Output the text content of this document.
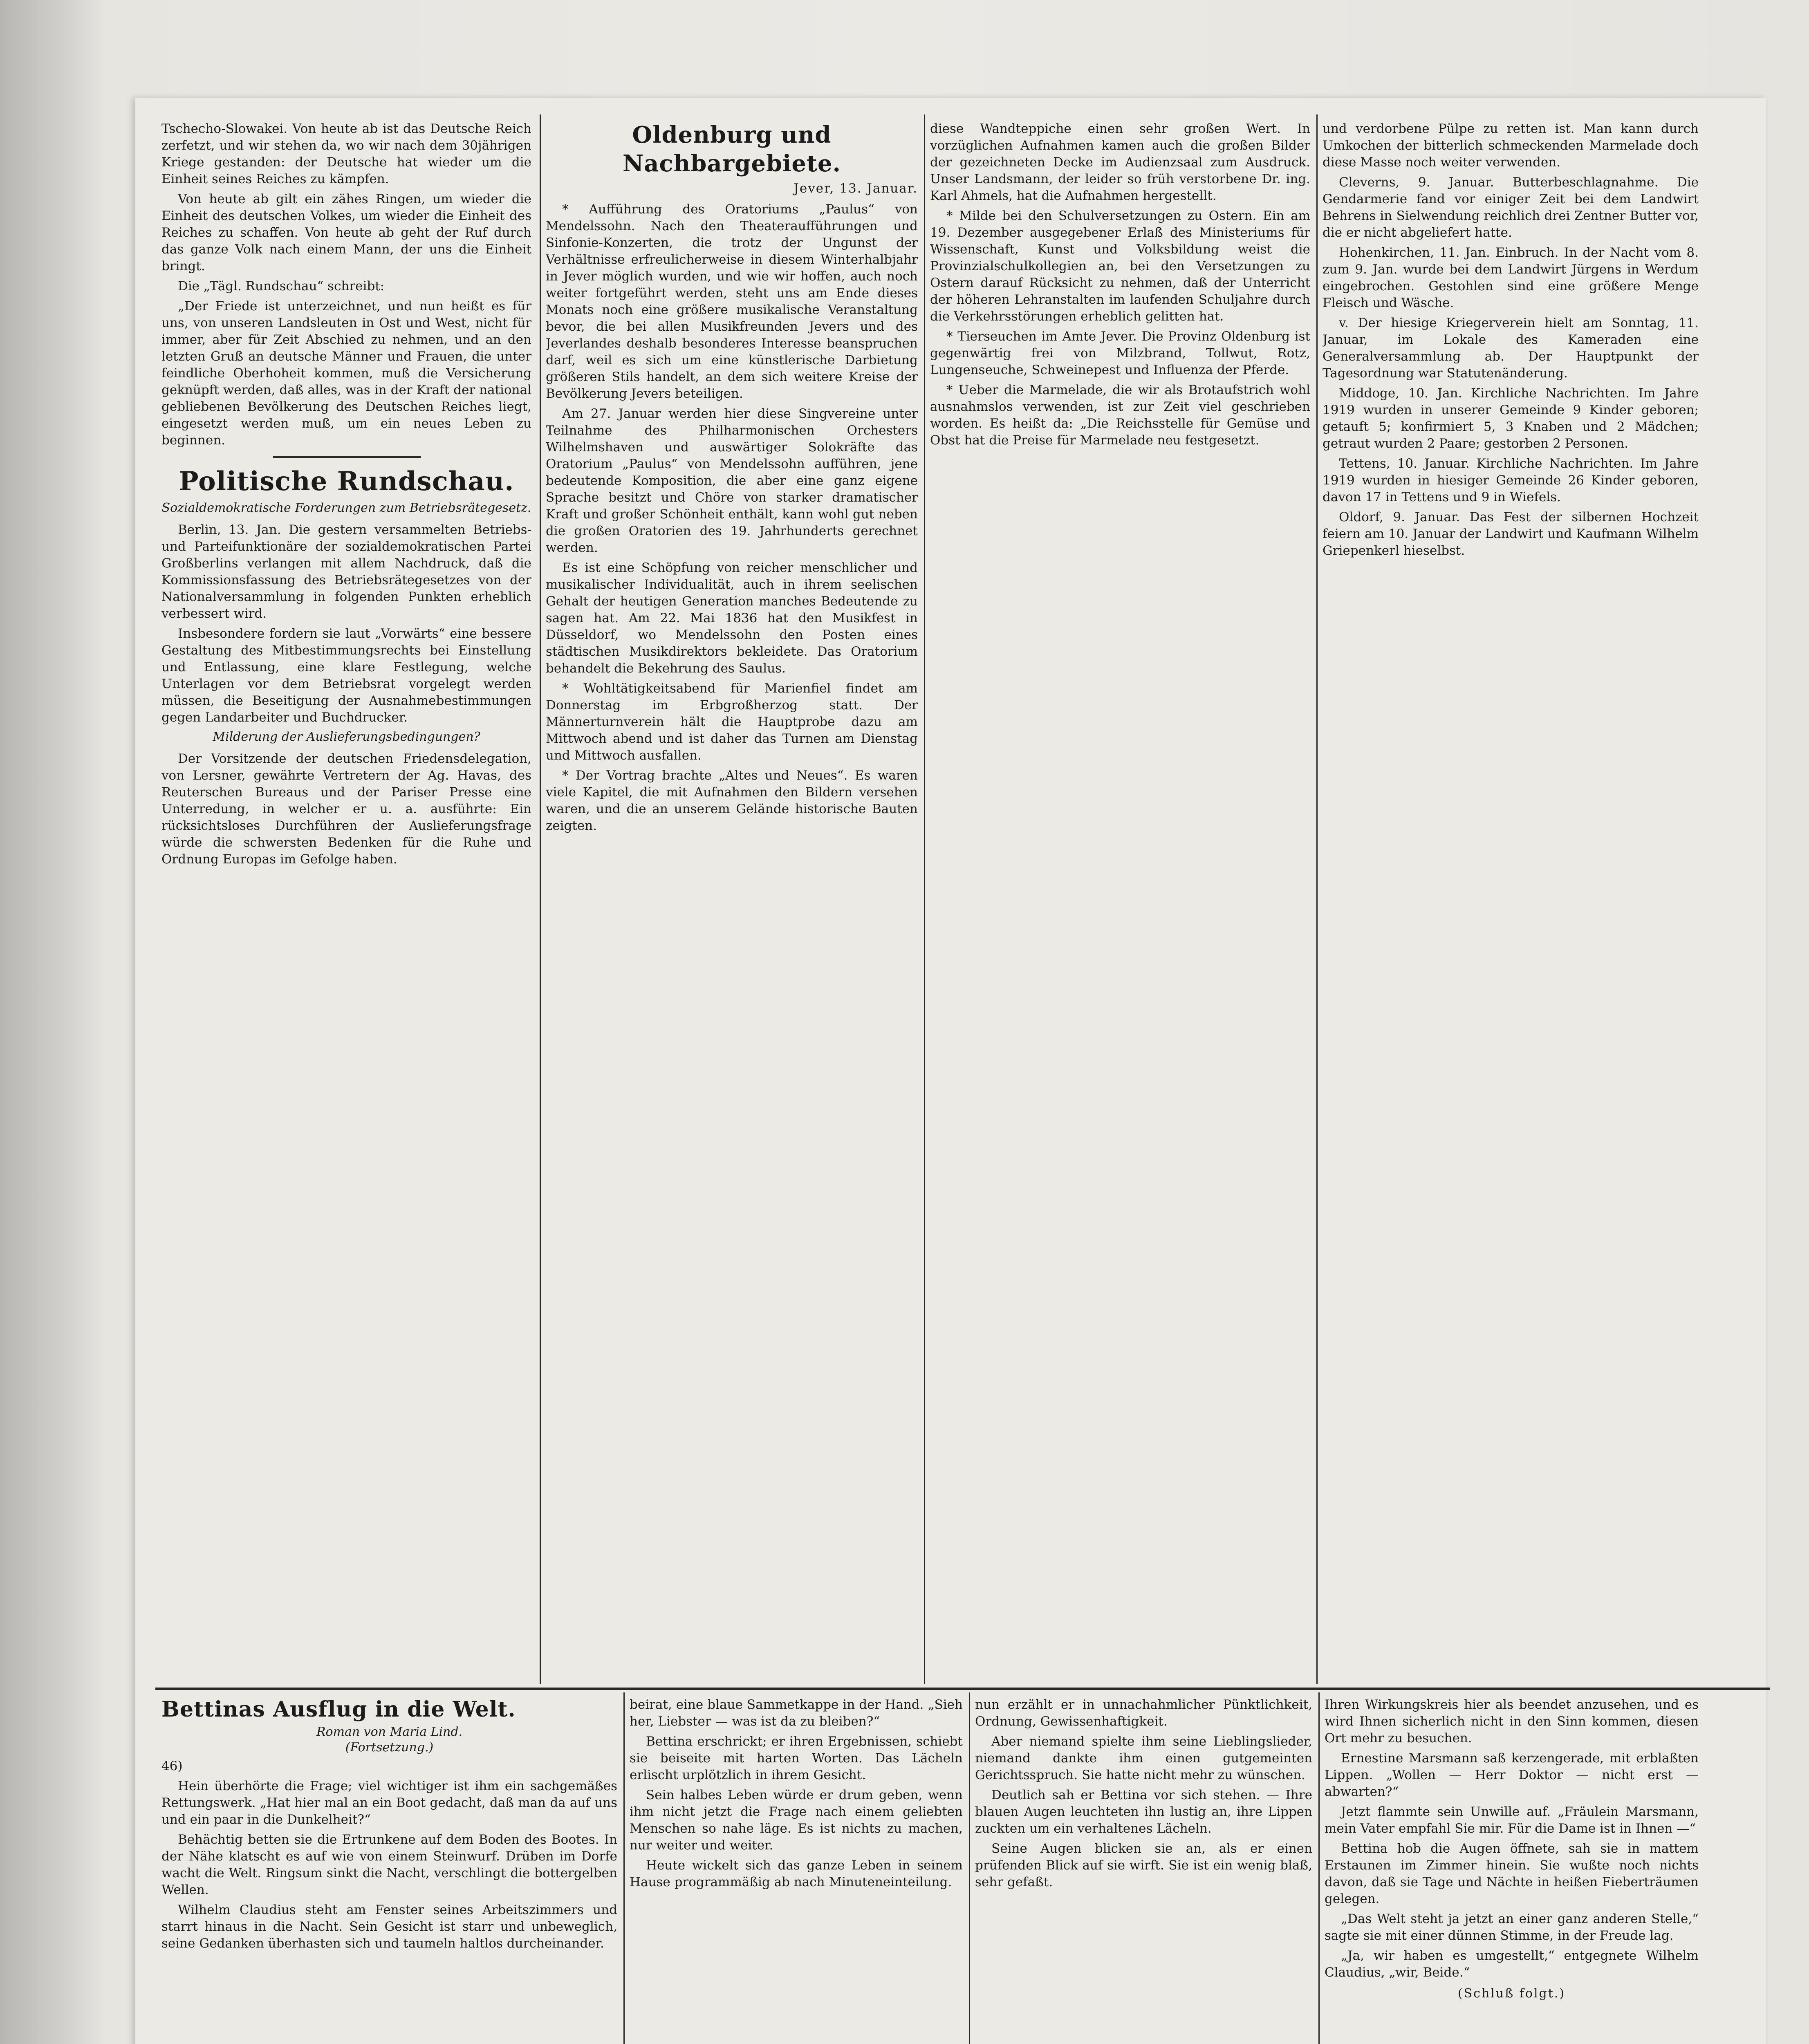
Tschecho-Slowakei. Von heute ab ist das Deutsche Reich zerfetzt, und wir stehen da, wo wir nach dem 30jährigen Kriege gestanden: der Deutsche hat wieder um die Einheit seines Reiches zu kämpfen.

Von heute ab gilt ein zähes Ringen, um wieder die Einheit des deutschen Volkes, um wieder die Einheit des Reiches zu schaffen. Von heute ab geht der Ruf durch das ganze Volk nach einem Mann, der uns die Einheit bringt.

Die „Tägl. Rundschau“ schreibt:

„Der Friede ist unterzeichnet, und nun heißt es für uns, von unseren Landsleuten in Ost und West, nicht für immer, aber für Zeit Abschied zu nehmen, und an den letzten Gruß an deutsche Männer und Frauen, die unter feindliche Oberhoheit kommen, muß die Versicherung geknüpft werden, daß alles, was in der Kraft der national gebliebenen Bevölkerung des Deutschen Reiches liegt, eingesetzt werden muß, um ein neues Leben zu beginnen.

Politische Rundschau.
Sozialdemokratische Forderungen zum Betriebsrätegesetz.

Berlin, 13. Jan. Die gestern versammelten Betriebs- und Parteifunktionäre der sozialdemokratischen Partei Großberlins verlangen mit allem Nachdruck, daß die Kommissionsfassung des Betriebsrätegesetzes von der Nationalversammlung in folgenden Punkten erheblich verbessert wird.

Insbesondere fordern sie laut „Vorwärts“ eine bessere Gestaltung des Mitbestimmungsrechts bei Einstellung und Entlassung, eine klare Festlegung, welche Unterlagen vor dem Betriebsrat vorgelegt werden müssen, die Beseitigung der Ausnahmebestimmungen gegen Landarbeiter und Buchdrucker.

Milderung der Auslieferungsbedingungen?

Der Vorsitzende der deutschen Friedensdelegation, von Lersner, gewährte Vertretern der Ag. Havas, des Reuterschen Bureaus und der Pariser Presse eine Unterredung, in welcher er u. a. ausführte: Ein rücksichtsloses Durchführen der Auslieferungsfrage würde die schwersten Bedenken für die Ruhe und Ordnung Europas im Gefolge haben.

Oldenburg und Nachbargebiete.
Jever, 13. Januar.

* Aufführung des Oratoriums „Paulus“ von Mendelssohn. Nach den Theateraufführungen und Sinfonie-Konzerten, die trotz der Ungunst der Verhältnisse erfreulicherweise in diesem Winterhalbjahr in Jever möglich wurden, und wie wir hoffen, auch noch weiter fortgeführt werden, steht uns am Ende dieses Monats noch eine größere musikalische Veranstaltung bevor, die bei allen Musikfreunden Jevers und des Jeverlandes deshalb besonderes Interesse beanspruchen darf, weil es sich um eine künstlerische Darbietung größeren Stils handelt, an dem sich weitere Kreise der Bevölkerung Jevers beteiligen.

Am 27. Januar werden hier diese Singvereine unter Teilnahme des Philharmonischen Orchesters Wilhelmshaven und auswärtiger Solokräfte das Oratorium „Paulus“ von Mendelssohn aufführen, jene bedeutende Komposition, die aber eine ganz eigene Sprache besitzt und Chöre von starker dramatischer Kraft und großer Schönheit enthält, kann wohl gut neben die großen Oratorien des 19. Jahrhunderts gerechnet werden.

Es ist eine Schöpfung von reicher menschlicher und musikalischer Individualität, auch in ihrem seelischen Gehalt der heutigen Generation manches Bedeutende zu sagen hat. Am 22. Mai 1836 hat den Musikfest in Düsseldorf, wo Mendelssohn den Posten eines städtischen Musikdirektors bekleidete. Das Oratorium behandelt die Bekehrung des Saulus.

* Wohltätigkeitsabend für Marienfiel findet am Donnerstag im Erbgroßherzog statt. Der Männerturnverein hält die Hauptprobe dazu am Mittwoch abend und ist daher das Turnen am Dienstag und Mittwoch ausfallen.

* Der Vortrag brachte „Altes und Neues“. Es waren viele Kapitel, die mit Aufnahmen den Bildern versehen waren, und die an unserem Gelände historische Bauten zeigten.

diese Wandteppiche einen sehr großen Wert. In vorzüglichen Aufnahmen kamen auch die großen Bilder der gezeichneten Decke im Audienzsaal zum Ausdruck. Unser Landsmann, der leider so früh verstorbene Dr. ing. Karl Ahmels, hat die Aufnahmen hergestellt.

* Milde bei den Schulversetzungen zu Ostern. Ein am 19. Dezember ausgegebener Erlaß des Ministeriums für Wissenschaft, Kunst und Volksbildung weist die Provinzialschulkollegien an, bei den Versetzungen zu Ostern darauf Rücksicht zu nehmen, daß der Unterricht der höheren Lehranstalten im laufenden Schuljahre durch die Verkehrsstörungen erheblich gelitten hat.

* Tierseuchen im Amte Jever. Die Provinz Oldenburg ist gegenwärtig frei von Milzbrand, Tollwut, Rotz, Lungenseuche, Schweinepest und Influenza der Pferde.

* Ueber die Marmelade, die wir als Brotaufstrich wohl ausnahmslos verwenden, ist zur Zeit viel geschrieben worden. Es heißt da: „Die Reichsstelle für Gemüse und Obst hat die Preise für Marmelade neu festgesetzt.

und verdorbene Pülpe zu retten ist. Man kann durch Umkochen der bitterlich schmeckenden Marmelade doch diese Masse noch weiter verwenden.

Cleverns, 9. Januar. Butterbeschlagnahme. Die Gendarmerie fand vor einiger Zeit bei dem Landwirt Behrens in Sielwendung reichlich drei Zentner Butter vor, die er nicht abgeliefert hatte.

Hohenkirchen, 11. Jan. Einbruch. In der Nacht vom 8. zum 9. Jan. wurde bei dem Landwirt Jürgens in Werdum eingebrochen. Gestohlen sind eine größere Menge Fleisch und Wäsche.

v. Der hiesige Kriegerverein hielt am Sonntag, 11. Januar, im Lokale des Kameraden eine Generalversammlung ab. Der Hauptpunkt der Tagesordnung war Statutenänderung.

Middoge, 10. Jan. Kirchliche Nachrichten. Im Jahre 1919 wurden in unserer Gemeinde 9 Kinder geboren; getauft 5; konfirmiert 5, 3 Knaben und 2 Mädchen; getraut wurden 2 Paare; gestorben 2 Personen.

Tettens, 10. Januar. Kirchliche Nachrichten. Im Jahre 1919 wurden in hiesiger Gemeinde 26 Kinder geboren, davon 17 in Tettens und 9 in Wiefels.

Oldorf, 9. Januar. Das Fest der silbernen Hochzeit feiern am 10. Januar der Landwirt und Kaufmann Wilhelm Griepenkerl hieselbst.

Bettinas Ausflug in die Welt.
Roman von Maria Lind.
(Fortsetzung.)

46)

Hein überhörte die Frage; viel wichtiger ist ihm ein sachgemäßes Rettungswerk. „Hat hier mal an ein Boot gedacht, daß man da auf uns und ein paar in die Dunkelheit?“

Behächtig betten sie die Ertrunkene auf dem Boden des Bootes. In der Nähe klatscht es auf wie von einem Steinwurf. Drüben im Dorfe wacht die Welt. Ringsum sinkt die Nacht, verschlingt die bottergelben Wellen.

Wilhelm Claudius steht am Fenster seines Arbeitszimmers und starrt hinaus in die Nacht. Sein Gesicht ist starr und unbeweglich, seine Gedanken überhasten sich und taumeln haltlos durcheinander.

beirat, eine blaue Sammetkappe in der Hand. „Sieh her, Liebster — was ist da zu bleiben?“

Bettina erschrickt; er ihren Ergebnissen, schiebt sie beiseite mit harten Worten. Das Lächeln erlischt urplötzlich in ihrem Gesicht.

Sein halbes Leben würde er drum geben, wenn ihm nicht jetzt die Frage nach einem geliebten Menschen so nahe läge. Es ist nichts zu machen, nur weiter und weiter.

Heute wickelt sich das ganze Leben in seinem Hause programmäßig ab nach Minuteneinteilung.

nun erzählt er in unnachahmlicher Pünktlichkeit, Ordnung, Gewissenhaftigkeit.

Aber niemand spielte ihm seine Lieblingslieder, niemand dankte ihm einen gutgemeinten Gerichtsspruch. Sie hatte nicht mehr zu wünschen.

Deutlich sah er Bettina vor sich stehen. — Ihre blauen Augen leuchteten ihn lustig an, ihre Lippen zuckten um ein verhaltenes Lächeln.

Seine Augen blicken sie an, als er einen prüfenden Blick auf sie wirft. Sie ist ein wenig blaß, sehr gefaßt.

Ihren Wirkungskreis hier als beendet anzusehen, und es wird Ihnen sicherlich nicht in den Sinn kommen, diesen Ort mehr zu besuchen.

Ernestine Marsmann saß kerzengerade, mit erblaßten Lippen. „Wollen — Herr Doktor — nicht erst — abwarten?“

Jetzt flammte sein Unwille auf. „Fräulein Marsmann, mein Vater empfahl Sie mir. Für die Dame ist in Ihnen —“

Bettina hob die Augen öffnete, sah sie in mattem Erstaunen im Zimmer hinein. Sie wußte noch nichts davon, daß sie Tage und Nächte in heißen Fieberträumen gelegen.

„Das Welt steht ja jetzt an einer ganz anderen Stelle,“ sagte sie mit einer dünnen Stimme, in der Freude lag.

„Ja, wir haben es umgestellt,“ entgegnete Wilhelm Claudius, „wir, Beide.“

(Schluß folgt.)
